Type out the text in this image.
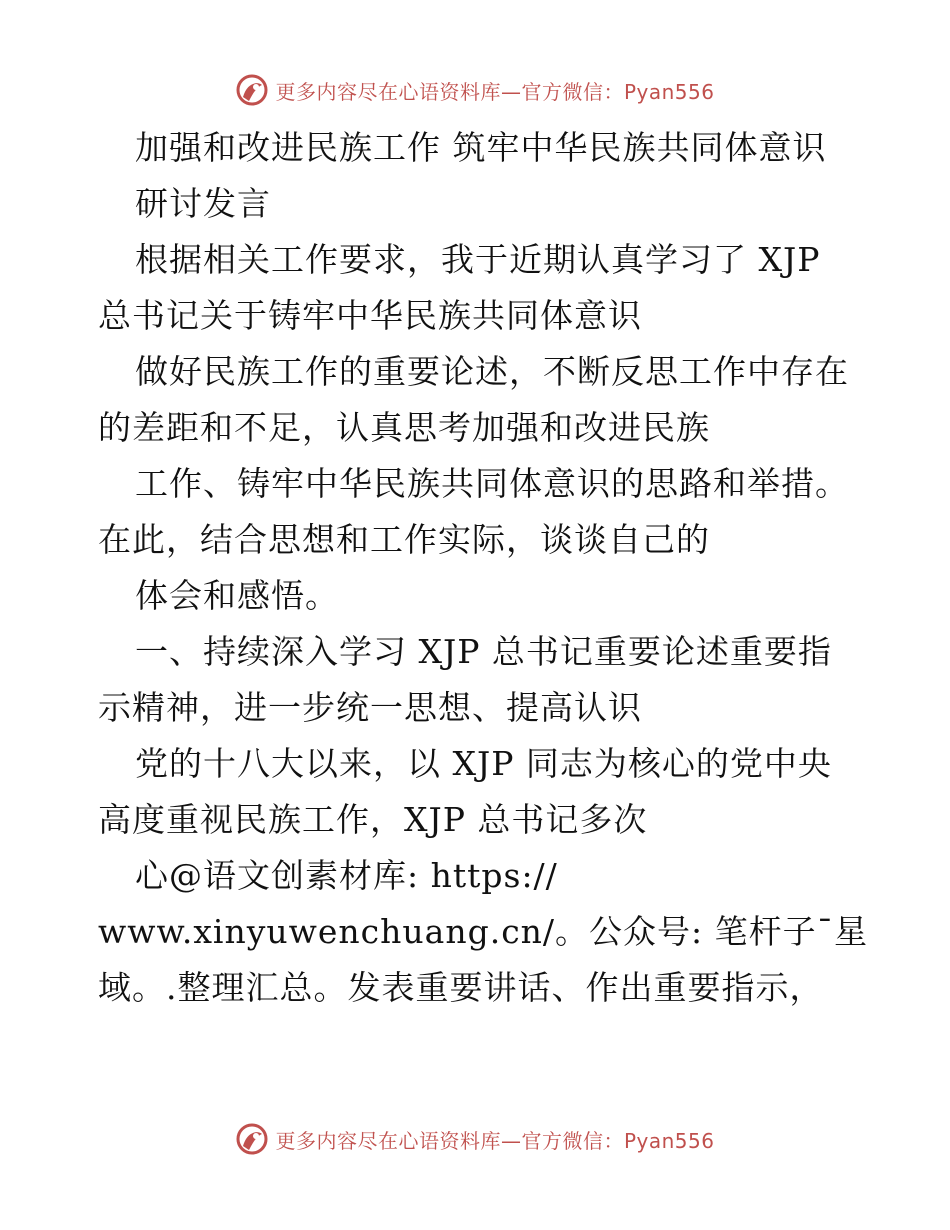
更多内容尽在心语资料库—官方微信：Pyan556
加强和改进民族工作 筑牢中华民族共同体意识
研讨发言
根据相关工作要求，我于近期认真学习了 XJP
总书记关于铸牢中华民族共同体意识
做好民族工作的重要论述，不断反思工作中存在
的差距和不足，认真思考加强和改进民族
工作、铸牢中华民族共同体意识的思路和举措。
在此，结合思想和工作实际，谈谈自己的
体会和感悟。
一、持续深入学习 XJP 总书记重要论述重要指
示精神，进一步统一思想、提高认识
党的十八大以来，以 XJP 同志为核心的党中央
高度重视民族工作，XJP 总书记多次
心@语文创素材库: https://
www.xinyuwenchuang.cn/。公众号: 笔杆子¯星
域。.整理汇总。发表重要讲话、作出重要指示，
更多内容尽在心语资料库—官方微信：Pyan556
